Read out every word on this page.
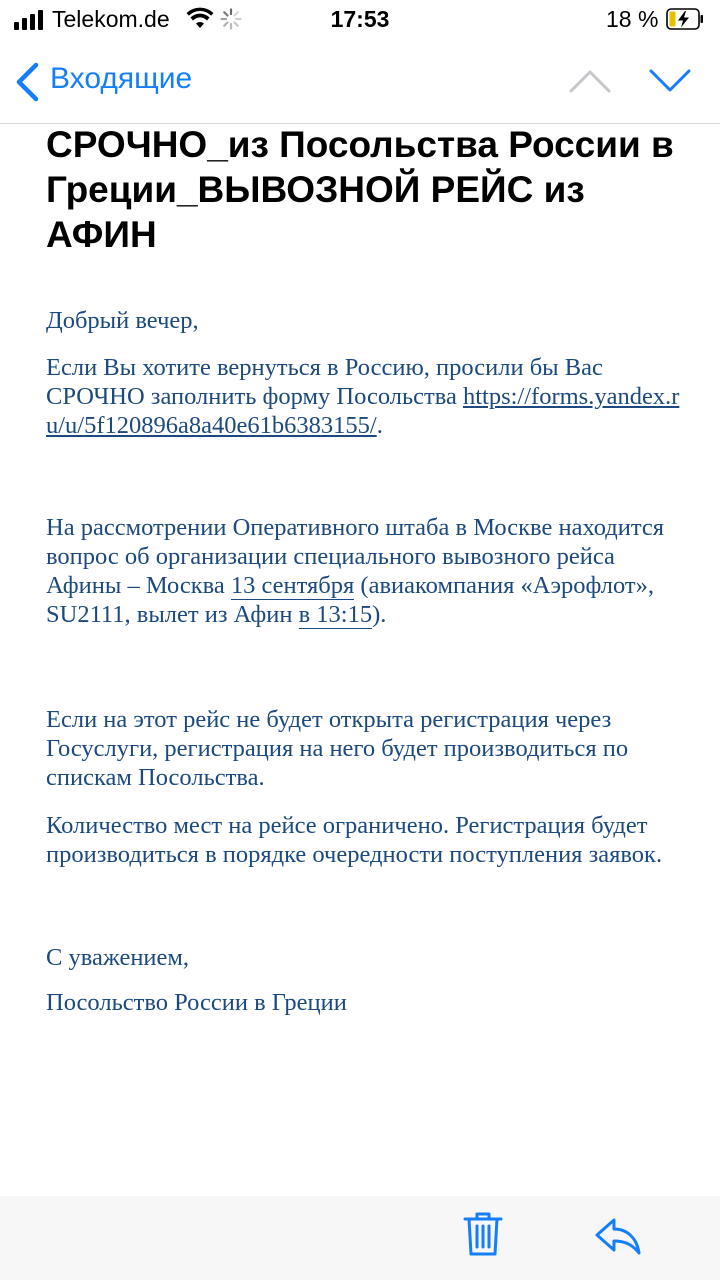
Telekom.de	17:53	18 %
Входящие
СРОЧНО_из Посольства России в Греции_ВЫВОЗНОЙ РЕЙС из АФИН

Добрый вечер,

Если Вы хотите вернуться в Россию, просили бы Вас СРОЧНО заполнить форму Посольства https://forms.yandex.ru/u/5f120896a8a40e61b6383155/.

На рассмотрении Оперативного штаба в Москве находится вопрос об организации специального вывозного рейса Афины – Москва 13 сентября (авиакомпания «Аэрофлот», SU2111, вылет из Афин в 13:15).

Если на этот рейс не будет открыта регистрация через Госуслуги, регистрация на него будет производиться по спискам Посольства.

Количество мест на рейсе ограничено. Регистрация будет производиться в порядке очередности поступления заявок.

С уважением,

Посольство России в Греции
